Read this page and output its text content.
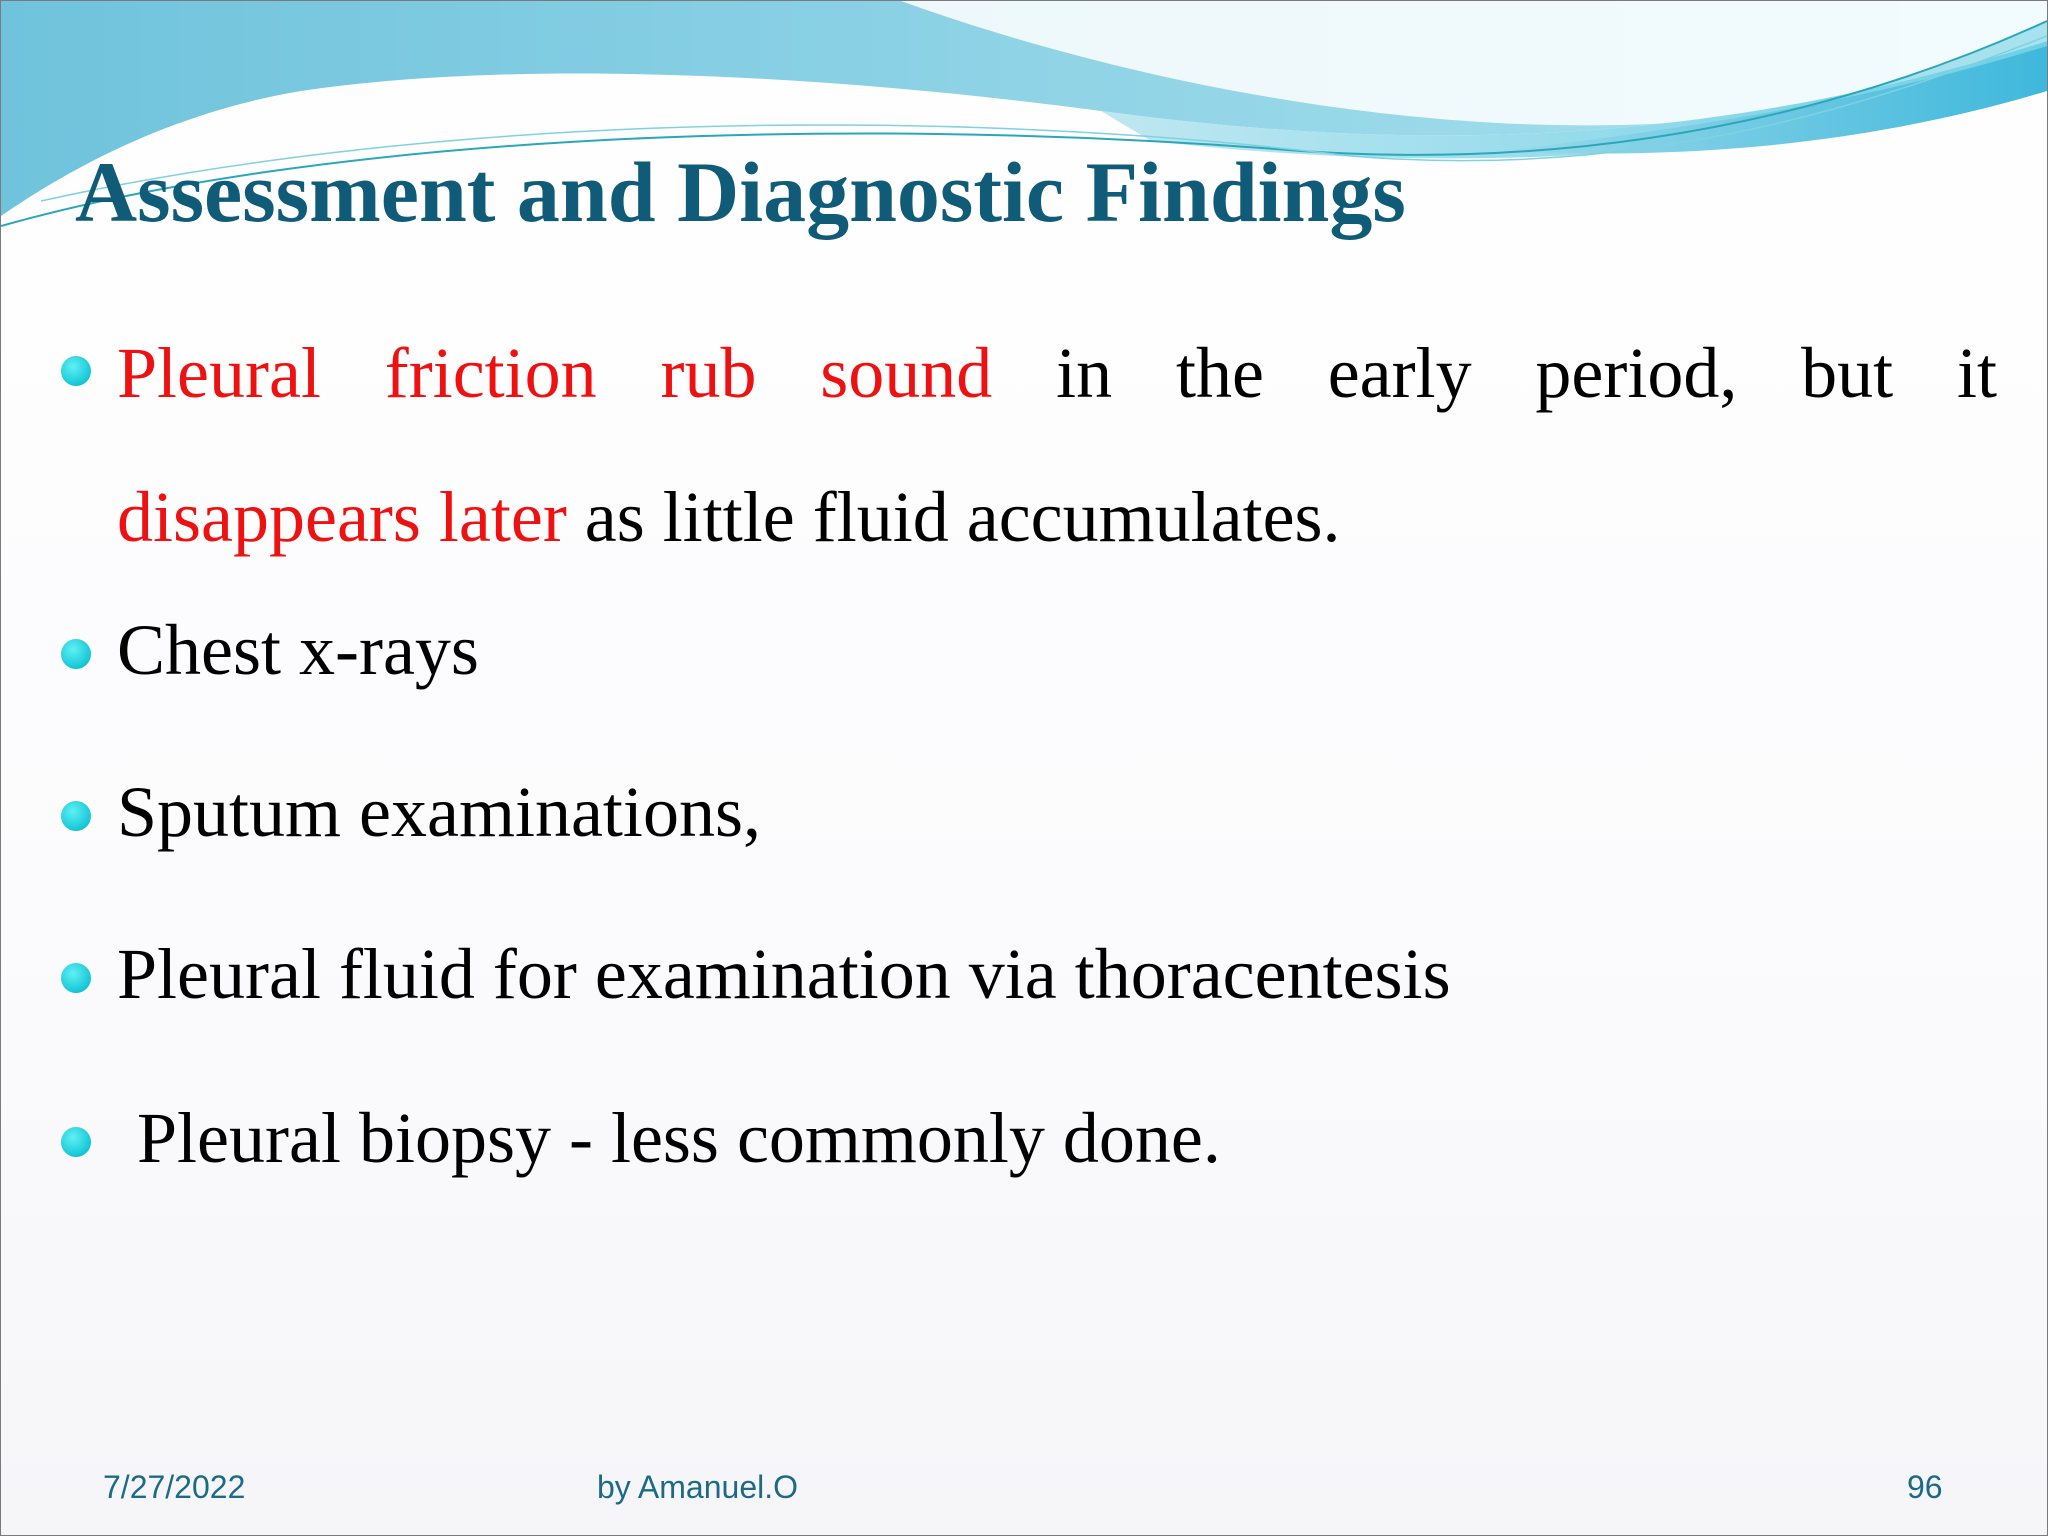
Assessment and Diagnostic Findings
Pleural friction rub sound in the early period, but it
disappears later as little fluid accumulates.
Chest x-rays
Sputum examinations,
Pleural fluid for examination via thoracentesis
Pleural biopsy - less commonly done.
7/27/2022	by Amanuel.O	96
